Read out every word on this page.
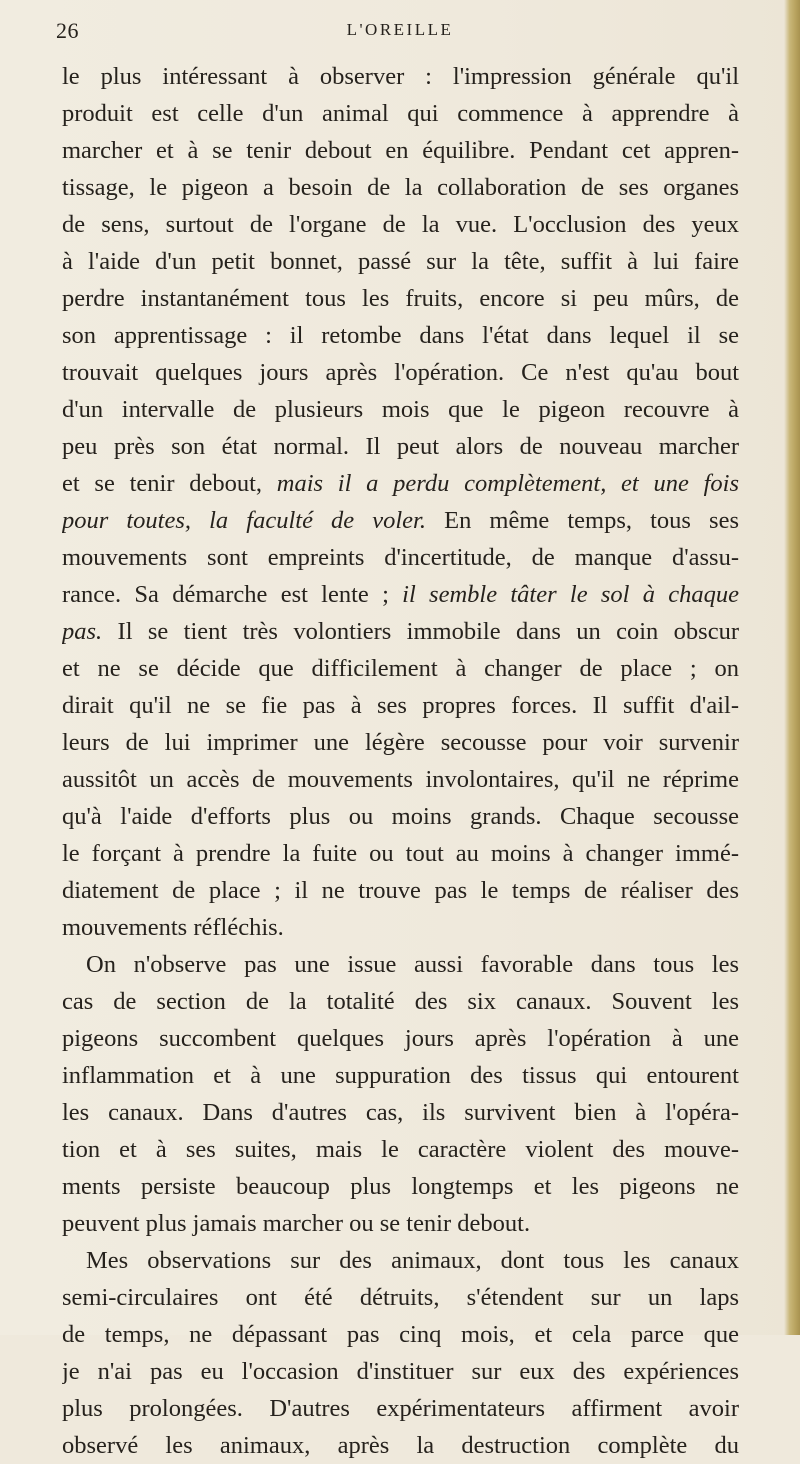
26	L'OREILLE
le plus intéressant à observer : l'impression générale qu'il
produit est celle d'un animal qui commence à apprendre à
marcher et à se tenir debout en équilibre. Pendant cet appren-
tissage, le pigeon a besoin de la collaboration de ses organes
de sens, surtout de l'organe de la vue. L'occlusion des yeux
à l'aide d'un petit bonnet, passé sur la tête, suffit à lui faire
perdre instantanément tous les fruits, encore si peu mûrs, de
son apprentissage : il retombe dans l'état dans lequel il se
trouvait quelques jours après l'opération. Ce n'est qu'au bout
d'un intervalle de plusieurs mois que le pigeon recouvre à
peu près son état normal. Il peut alors de nouveau marcher
et se tenir debout, mais il a perdu complètement, et une fois
pour toutes, la faculté de voler. En même temps, tous ses
mouvements sont empreints d'incertitude, de manque d'assu-
rance. Sa démarche est lente ; il semble tâter le sol à chaque
pas. Il se tient très volontiers immobile dans un coin obscur
et ne se décide que difficilement à changer de place ; on
dirait qu'il ne se fie pas à ses propres forces. Il suffit d'ail-
leurs de lui imprimer une légère secousse pour voir survenir
aussitôt un accès de mouvements involontaires, qu'il ne réprime
qu'à l'aide d'efforts plus ou moins grands. Chaque secousse
le forçant à prendre la fuite ou tout au moins à changer immé-
diatement de place ; il ne trouve pas le temps de réaliser des
mouvements réfléchis.
On n'observe pas une issue aussi favorable dans tous les
cas de section de la totalité des six canaux. Souvent les
pigeons succombent quelques jours après l'opération à une
inflammation et à une suppuration des tissus qui entourent
les canaux. Dans d'autres cas, ils survivent bien à l'opéra-
tion et à ses suites, mais le caractère violent des mouve-
ments persiste beaucoup plus longtemps et les pigeons ne
peuvent plus jamais marcher ou se tenir debout.
Mes observations sur des animaux, dont tous les canaux
semi-circulaires ont été détruits, s'étendent sur un laps
de temps, ne dépassant pas cinq mois, et cela parce que
je n'ai pas eu l'occasion d'instituer sur eux des expériences
plus prolongées. D'autres expérimentateurs affirment avoir
observé les animaux, après la destruction complète du
